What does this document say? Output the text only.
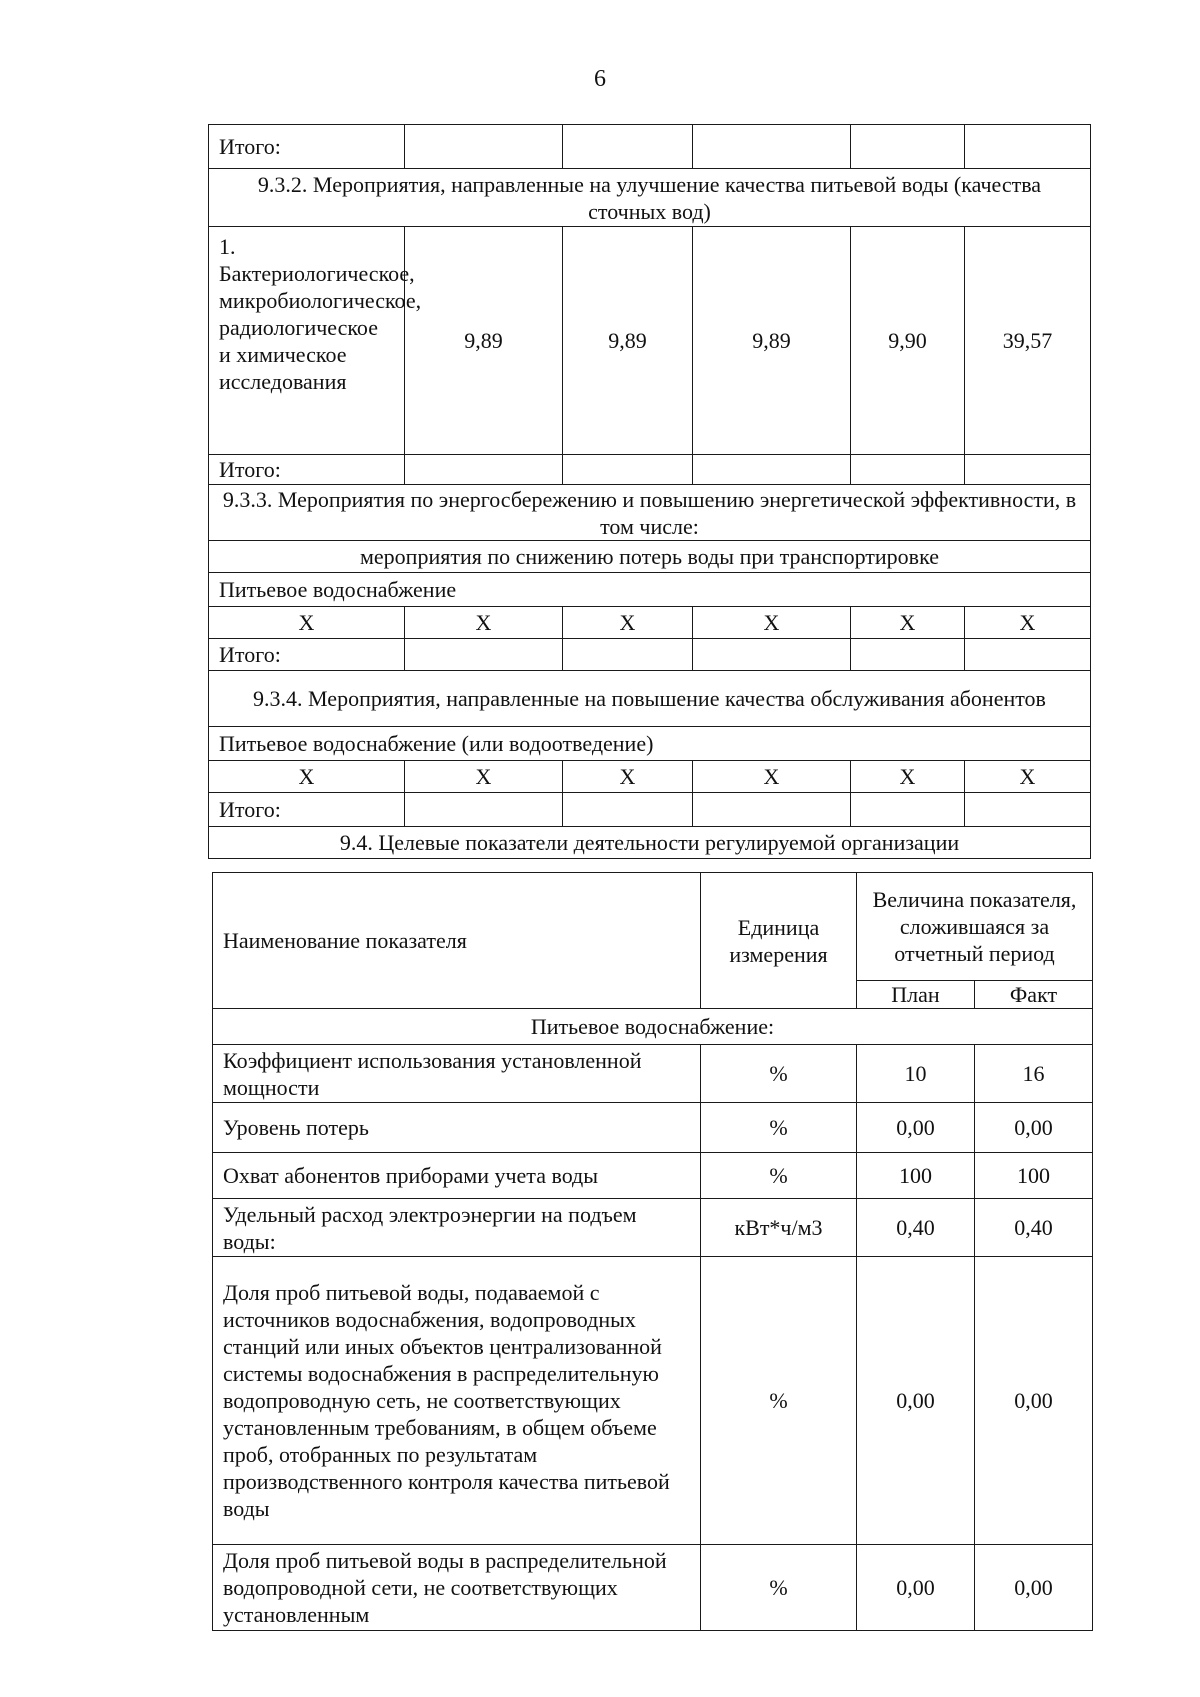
6
Итого:					
9.3.2. Мероприятия, направленные на улучшение качества питьевой воды (качества сточных вод)					
1. Бактериологическое, микробиологическое, радиологическое и химическое исследования	9,89	9,89	9,89	9,90	39,57
Итого:					
9.3.3. Мероприятия по энергосбережению и повышению энергетической эффективности, в том числе:					
мероприятия по снижению потерь воды при транспортировке					
Питьевое водоснабжение					
Х	Х	Х	Х	Х	Х
Итого:					
9.3.4. Мероприятия, направленные на повышение качества обслуживания абонентов					
Питьевое водоснабжение (или водоотведение)					
Х	Х	Х	Х	Х	Х
Итого:					
9.4. Целевые показатели деятельности регулируемой организации					
Наименование показателя	Единица измерения	Величина показателя, сложившаяся за отчетный период	
		План	Факт
Питьевое водоснабжение:			
Коэффициент использования установленной мощности	%	10	16
Уровень потерь	%	0,00	0,00
Охват абонентов приборами учета воды	%	100	100
Удельный расход электроэнергии на подъем воды:	кВт*ч/м3	0,40	0,40
Доля проб питьевой воды, подаваемой с источников водоснабжения, водопроводных станций или иных объектов централизованной системы водоснабжения в распределительную водопроводную сеть, не соответствующих установленным требованиям, в общем объеме проб, отобранных по результатам производственного контроля качества питьевой воды	%	0,00	0,00
Доля проб питьевой воды в распределительной водопроводной сети, не соответствующих установленным	%	0,00	0,00
